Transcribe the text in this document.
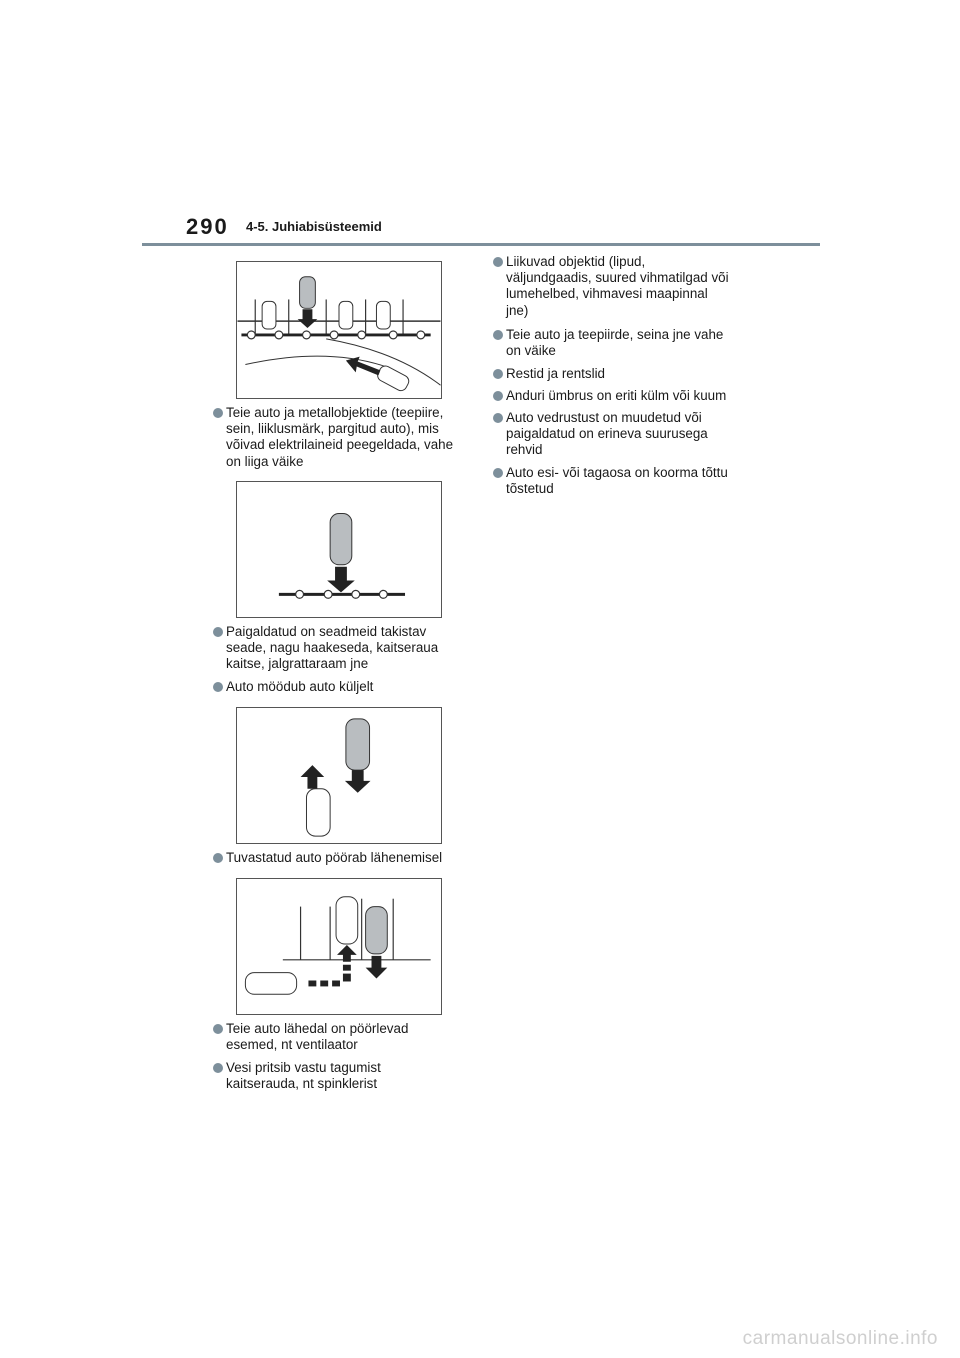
290 4-5. Juhiabisüsteemid
Teie auto ja metallobjektide (teepiire,
sein, liiklusmärk, pargitud auto), mis
võivad elektrilaineid peegeldada, vahe
on liiga väike
Paigaldatud on seadmeid takistav
seade, nagu haakeseda, kaitseraua
kaitse, jalgrattaraam jne
Auto möödub auto küljelt
Tuvastatud auto pöörab lähenemisel
Teie auto lähedal on pöörlevad
esemed, nt ventilaator
Vesi pritsib vastu tagumist
kaitserauda, nt spinklerist
Liikuvad objektid (lipud,
väljundgaadis, suured vihmatilgad või
lumehelbed, vihmavesi maapinnal
jne)
Teie auto ja teepiirde, seina jne vahe
on väike
Restid ja rentslid
Anduri ümbrus on eriti külm või kuum
Auto vedrustust on muudetud või
paigaldatud on erineva suurusega
rehvid
Auto esi- või tagaosa on koorma tõttu
tõstetud
carmanualsonline.info
